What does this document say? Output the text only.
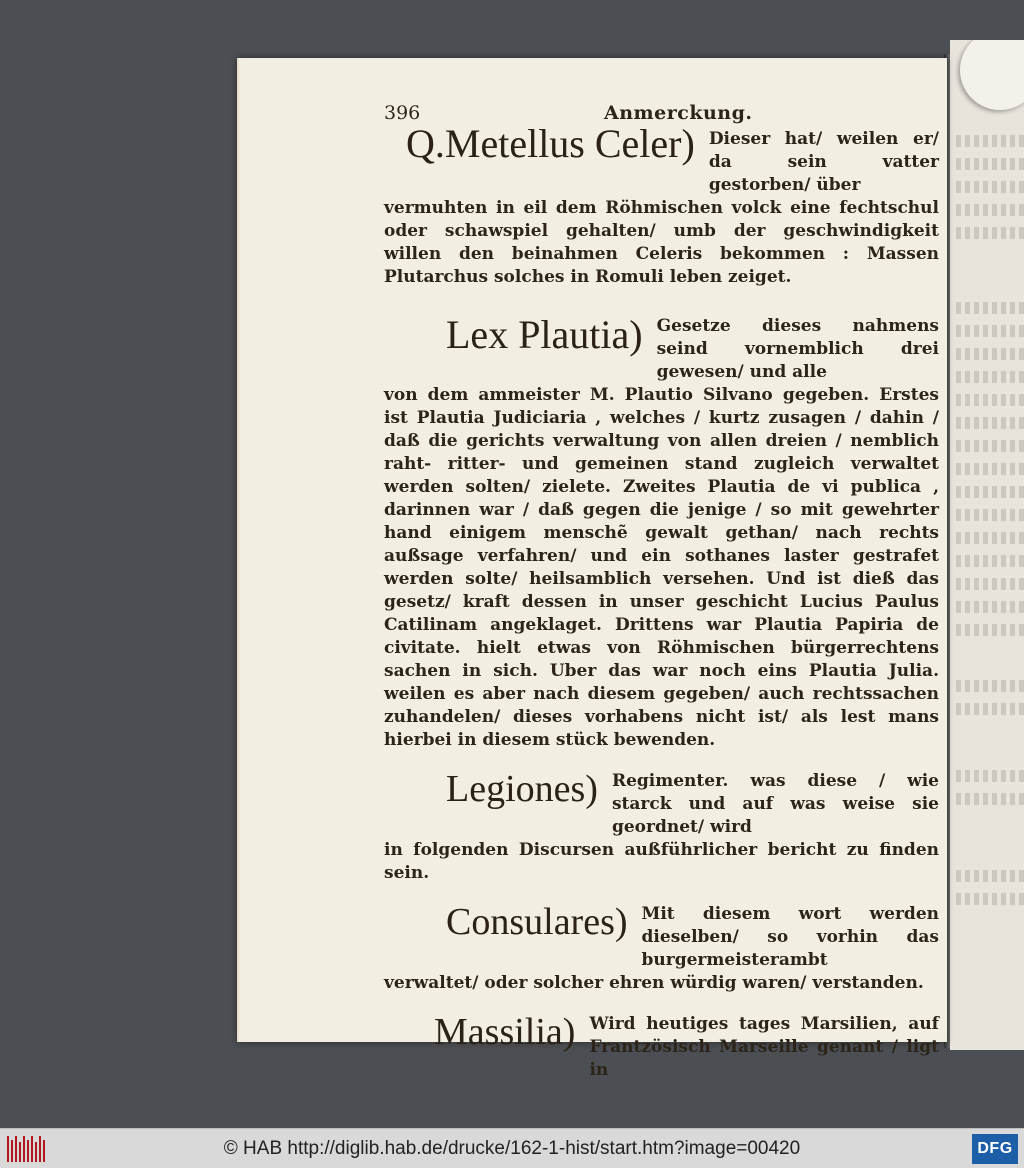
396	Anmerckung.
Q.Metellus Celer) Dieser hat/ weilen er/ da sein vatter gestorben/ über

vermuhten in eil dem Röhmischen volck eine fechtschul oder schawspiel gehalten/ umb der geschwindigkeit willen den beinahmen Celeris bekommen : Massen Plutarchus solches in Romuli leben zeiget.

Lex Plautia) Gesetze dieses nahmens seind vornemblich drei gewesen/ und alle

von dem ammeister M. Plautio Silvano gegeben. Erstes ist Plautia Judiciaria , welches / kurtz zusagen / dahin / daß die gerichts verwaltung von allen dreien / nemblich raht- ritter- und gemeinen stand zugleich verwaltet werden solten/ zielete. Zweites Plautia de vi publica , darinnen war / daß gegen die jenige / so mit gewehrter hand einigem menschẽ gewalt gethan/ nach rechts außsage verfahren/ und ein sothanes laster gestrafet werden solte/ heilsamblich versehen. Und ist dieß das gesetz/ kraft dessen in unser geschicht Lucius Paulus Catilinam angeklaget. Drittens war Plautia Papiria de civitate. hielt etwas von Röhmischen bürgerrechtens sachen in sich. Uber das war noch eins Plautia Julia. weilen es aber nach diesem gegeben/ auch rechtssachen zuhandelen/ dieses vorhabens nicht ist/ als lest mans hierbei in diesem stück bewenden.

Legiones) Regimenter. was diese / wie starck und auf was weise sie geordnet/ wird

in folgenden Discursen außführlicher bericht zu finden sein.

Consulares) Mit diesem wort werden dieselben/ so vorhin das burgermeisterambt

verwaltet/ oder solcher ehren würdig waren/ verstanden.

Massilia) Wird heutiges tages Marsilien, auf Frantzösisch Marseille genant / ligt in

© HAB http://diglib.hab.de/drucke/162-1-hist/start.htm?image=00420	DFG
